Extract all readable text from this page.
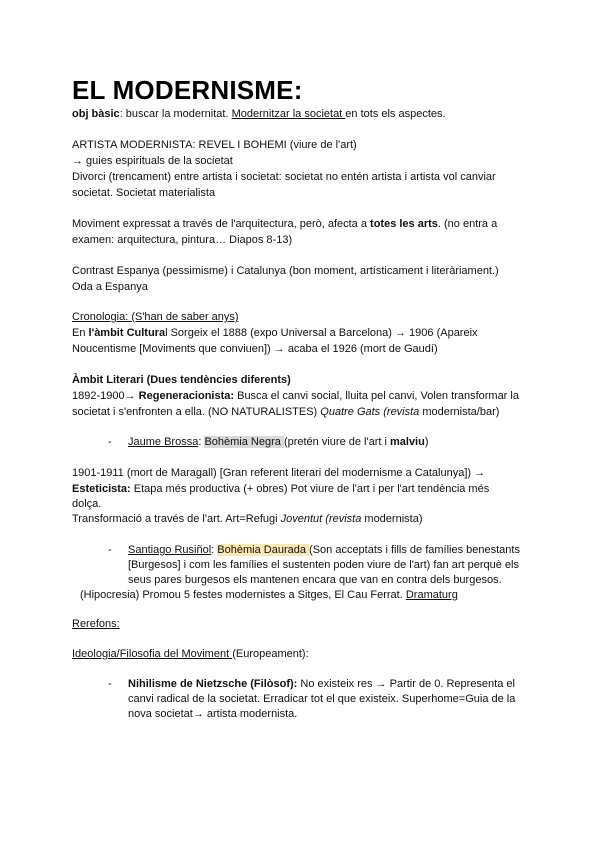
EL MODERNISME:

obj bàsic: buscar la modernitat. Modernitzar la societat en tots els aspectes.

ARTISTA MODERNISTA: REVEL I BOHEMI (viure de l'art)

→ guies espirituals de la societat

Divorci (trencament) entre artista i societat: societat no entén artista i artista vol canviar

societat. Societat materialista

Moviment expressat a través de l'arquitectura, però, afecta a totes les arts. (no entra a

examen: arquitectura, pintura… Diapos 8-13)

Contrast Espanya (pessimisme) i Catalunya (bon moment, artísticament i literàriament.)

Oda a Espanya

Cronologia: (S'han de saber anys)

En l'àmbit Cultural Sorgeix el 1888 (expo Universal a Barcelona) → 1906 (Apareix

Noucentisme [Moviments que conviuen]) → acaba el 1926 (mort de Gaudí)

Àmbit Literari (Dues tendències diferents)

1892-1900→ Regeneracionista: Busca el canvi social, lluita pel canvi, Volen transformar la

societat i s'enfronten a ella. (NO NATURALISTES) Quatre Gats (revista modernista/bar)

- Jaume Brossa: Bohèmia Negra (pretén viure de l'art i malviu)

1901-1911 (mort de Maragall) [Gran referent literari del modernisme a Catalunya]) →

Esteticista: Etapa més productiva (+ obres) Pot viure de l'art i per l'art tendència més

dolça.

Transformació a través de l'art. Art=Refugi Joventut (revista modernista)

- Santiago Rusiñol: Bohèmia Daurada (Son acceptats i fills de famílies benestants

[Burgesos] i com les famílies el sustenten poden viure de l'art) fan art perquè els

seus pares burgesos els mantenen encara que van en contra dels burgesos.

(Hipocresia) Promou 5 festes modernistes a Sitges, El Cau Ferrat. Dramaturg

Rerefons:

Ideologia/Filosofia del Moviment (Europeament):

- Nihilisme de Nietzsche (Filòsof): No existeix res → Partir de 0. Representa el

canvi radical de la societat. Erradicar tot el que existeix. Superhome=Guia de la

nova societat→ artista modernista.
